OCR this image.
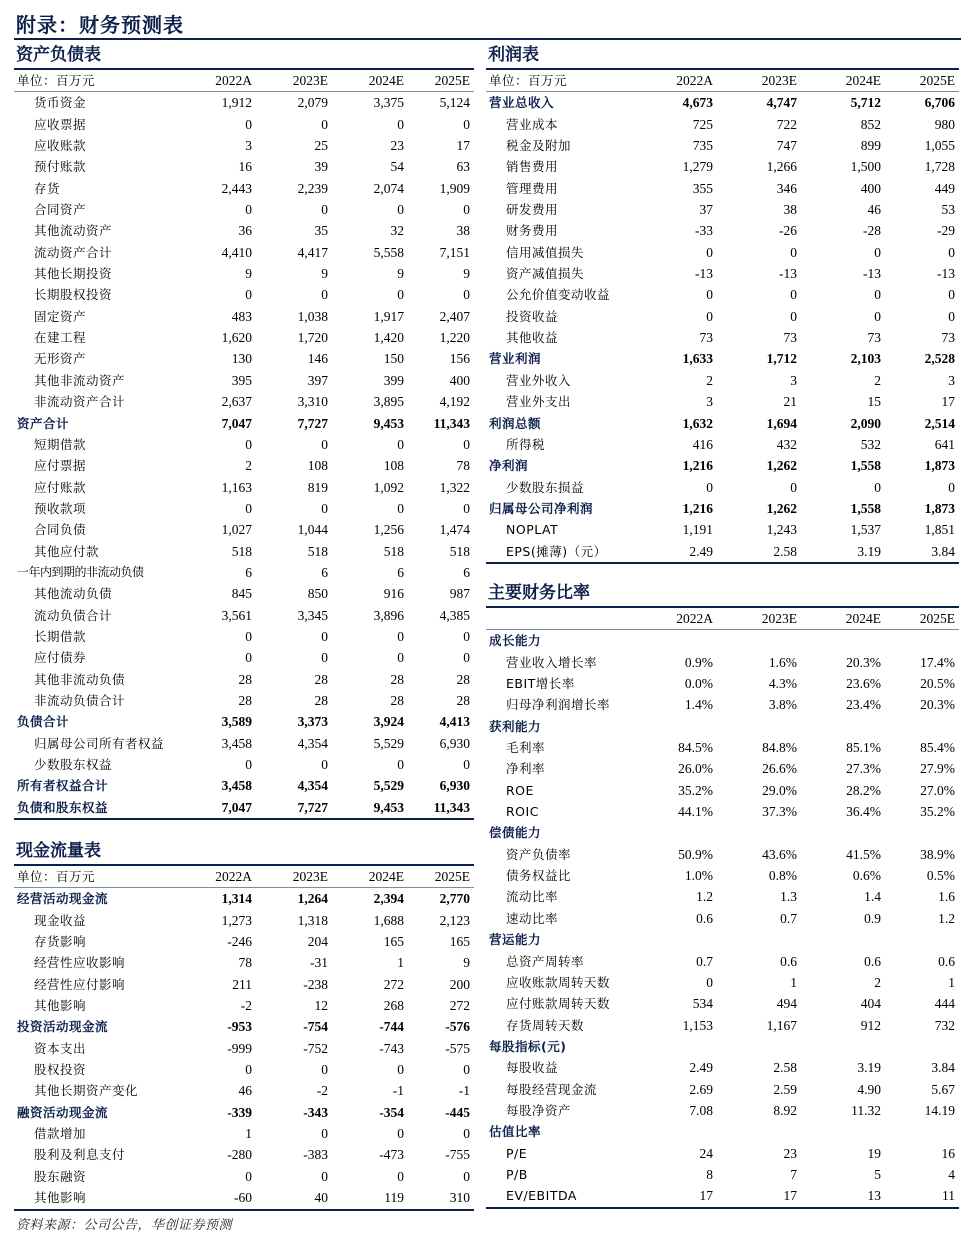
附录：财务预测表
资产负债表
单位：百万元	2022A	2023E	2024E	2025E
货币资金	1,912	2,079	3,375	5,124
应收票据	0	0	0	0
应收账款	3	25	23	17
预付账款	16	39	54	63
存货	2,443	2,239	2,074	1,909
合同资产	0	0	0	0
其他流动资产	36	35	32	38
流动资产合计	4,410	4,417	5,558	7,151
其他长期投资	9	9	9	9
长期股权投资	0	0	0	0
固定资产	483	1,038	1,917	2,407
在建工程	1,620	1,720	1,420	1,220
无形资产	130	146	150	156
其他非流动资产	395	397	399	400
非流动资产合计	2,637	3,310	3,895	4,192
资产合计	7,047	7,727	9,453	11,343
短期借款	0	0	0	0
应付票据	2	108	108	78
应付账款	1,163	819	1,092	1,322
预收款项	0	0	0	0
合同负债	1,027	1,044	1,256	1,474
其他应付款	518	518	518	518
一年内到期的非流动负债	6	6	6	6
其他流动负债	845	850	916	987
流动负债合计	3,561	3,345	3,896	4,385
长期借款	0	0	0	0
应付债券	0	0	0	0
其他非流动负债	28	28	28	28
非流动负债合计	28	28	28	28
负债合计	3,589	3,373	3,924	4,413
归属母公司所有者权益	3,458	4,354	5,529	6,930
少数股东权益	0	0	0	0
所有者权益合计	3,458	4,354	5,529	6,930
负债和股东权益	7,047	7,727	9,453	11,343
现金流量表
单位：百万元	2022A	2023E	2024E	2025E
经营活动现金流	1,314	1,264	2,394	2,770
现金收益	1,273	1,318	1,688	2,123
存货影响	-246	204	165	165
经营性应收影响	78	-31	1	9
经营性应付影响	211	-238	272	200
其他影响	-2	12	268	272
投资活动现金流	-953	-754	-744	-576
资本支出	-999	-752	-743	-575
股权投资	0	0	0	0
其他长期资产变化	46	-2	-1	-1
融资活动现金流	-339	-343	-354	-445
借款增加	1	0	0	0
股利及利息支付	-280	-383	-473	-755
股东融资	0	0	0	0
其他影响	-60	40	119	310
利润表
单位：百万元	2022A	2023E	2024E	2025E
营业总收入	4,673	4,747	5,712	6,706
营业成本	725	722	852	980
税金及附加	735	747	899	1,055
销售费用	1,279	1,266	1,500	1,728
管理费用	355	346	400	449
研发费用	37	38	46	53
财务费用	-33	-26	-28	-29
信用减值损失	0	0	0	0
资产减值损失	-13	-13	-13	-13
公允价值变动收益	0	0	0	0
投资收益	0	0	0	0
其他收益	73	73	73	73
营业利润	1,633	1,712	2,103	2,528
营业外收入	2	3	2	3
营业外支出	3	21	15	17
利润总额	1,632	1,694	2,090	2,514
所得税	416	432	532	641
净利润	1,216	1,262	1,558	1,873
少数股东损益	0	0	0	0
归属母公司净利润	1,216	1,262	1,558	1,873
NOPLAT	1,191	1,243	1,537	1,851
EPS(摊薄)（元）	2.49	2.58	3.19	3.84
主要财务比率
	2022A	2023E	2024E	2025E
成长能力				
营业收入增长率	0.9%	1.6%	20.3%	17.4%
EBIT增长率	0.0%	4.3%	23.6%	20.5%
归母净利润增长率	1.4%	3.8%	23.4%	20.3%
获利能力				
毛利率	84.5%	84.8%	85.1%	85.4%
净利率	26.0%	26.6%	27.3%	27.9%
ROE	35.2%	29.0%	28.2%	27.0%
ROIC	44.1%	37.3%	36.4%	35.2%
偿债能力				
资产负债率	50.9%	43.6%	41.5%	38.9%
债务权益比	1.0%	0.8%	0.6%	0.5%
流动比率	1.2	1.3	1.4	1.6
速动比率	0.6	0.7	0.9	1.2
营运能力				
总资产周转率	0.7	0.6	0.6	0.6
应收账款周转天数	0	1	2	1
应付账款周转天数	534	494	404	444
存货周转天数	1,153	1,167	912	732
每股指标(元)				
每股收益	2.49	2.58	3.19	3.84
每股经营现金流	2.69	2.59	4.90	5.67
每股净资产	7.08	8.92	11.32	14.19
估值比率				
P/E	24	23	19	16
P/B	8	7	5	4
EV/EBITDA	17	17	13	11
资料来源：公司公告，华创证券预测
